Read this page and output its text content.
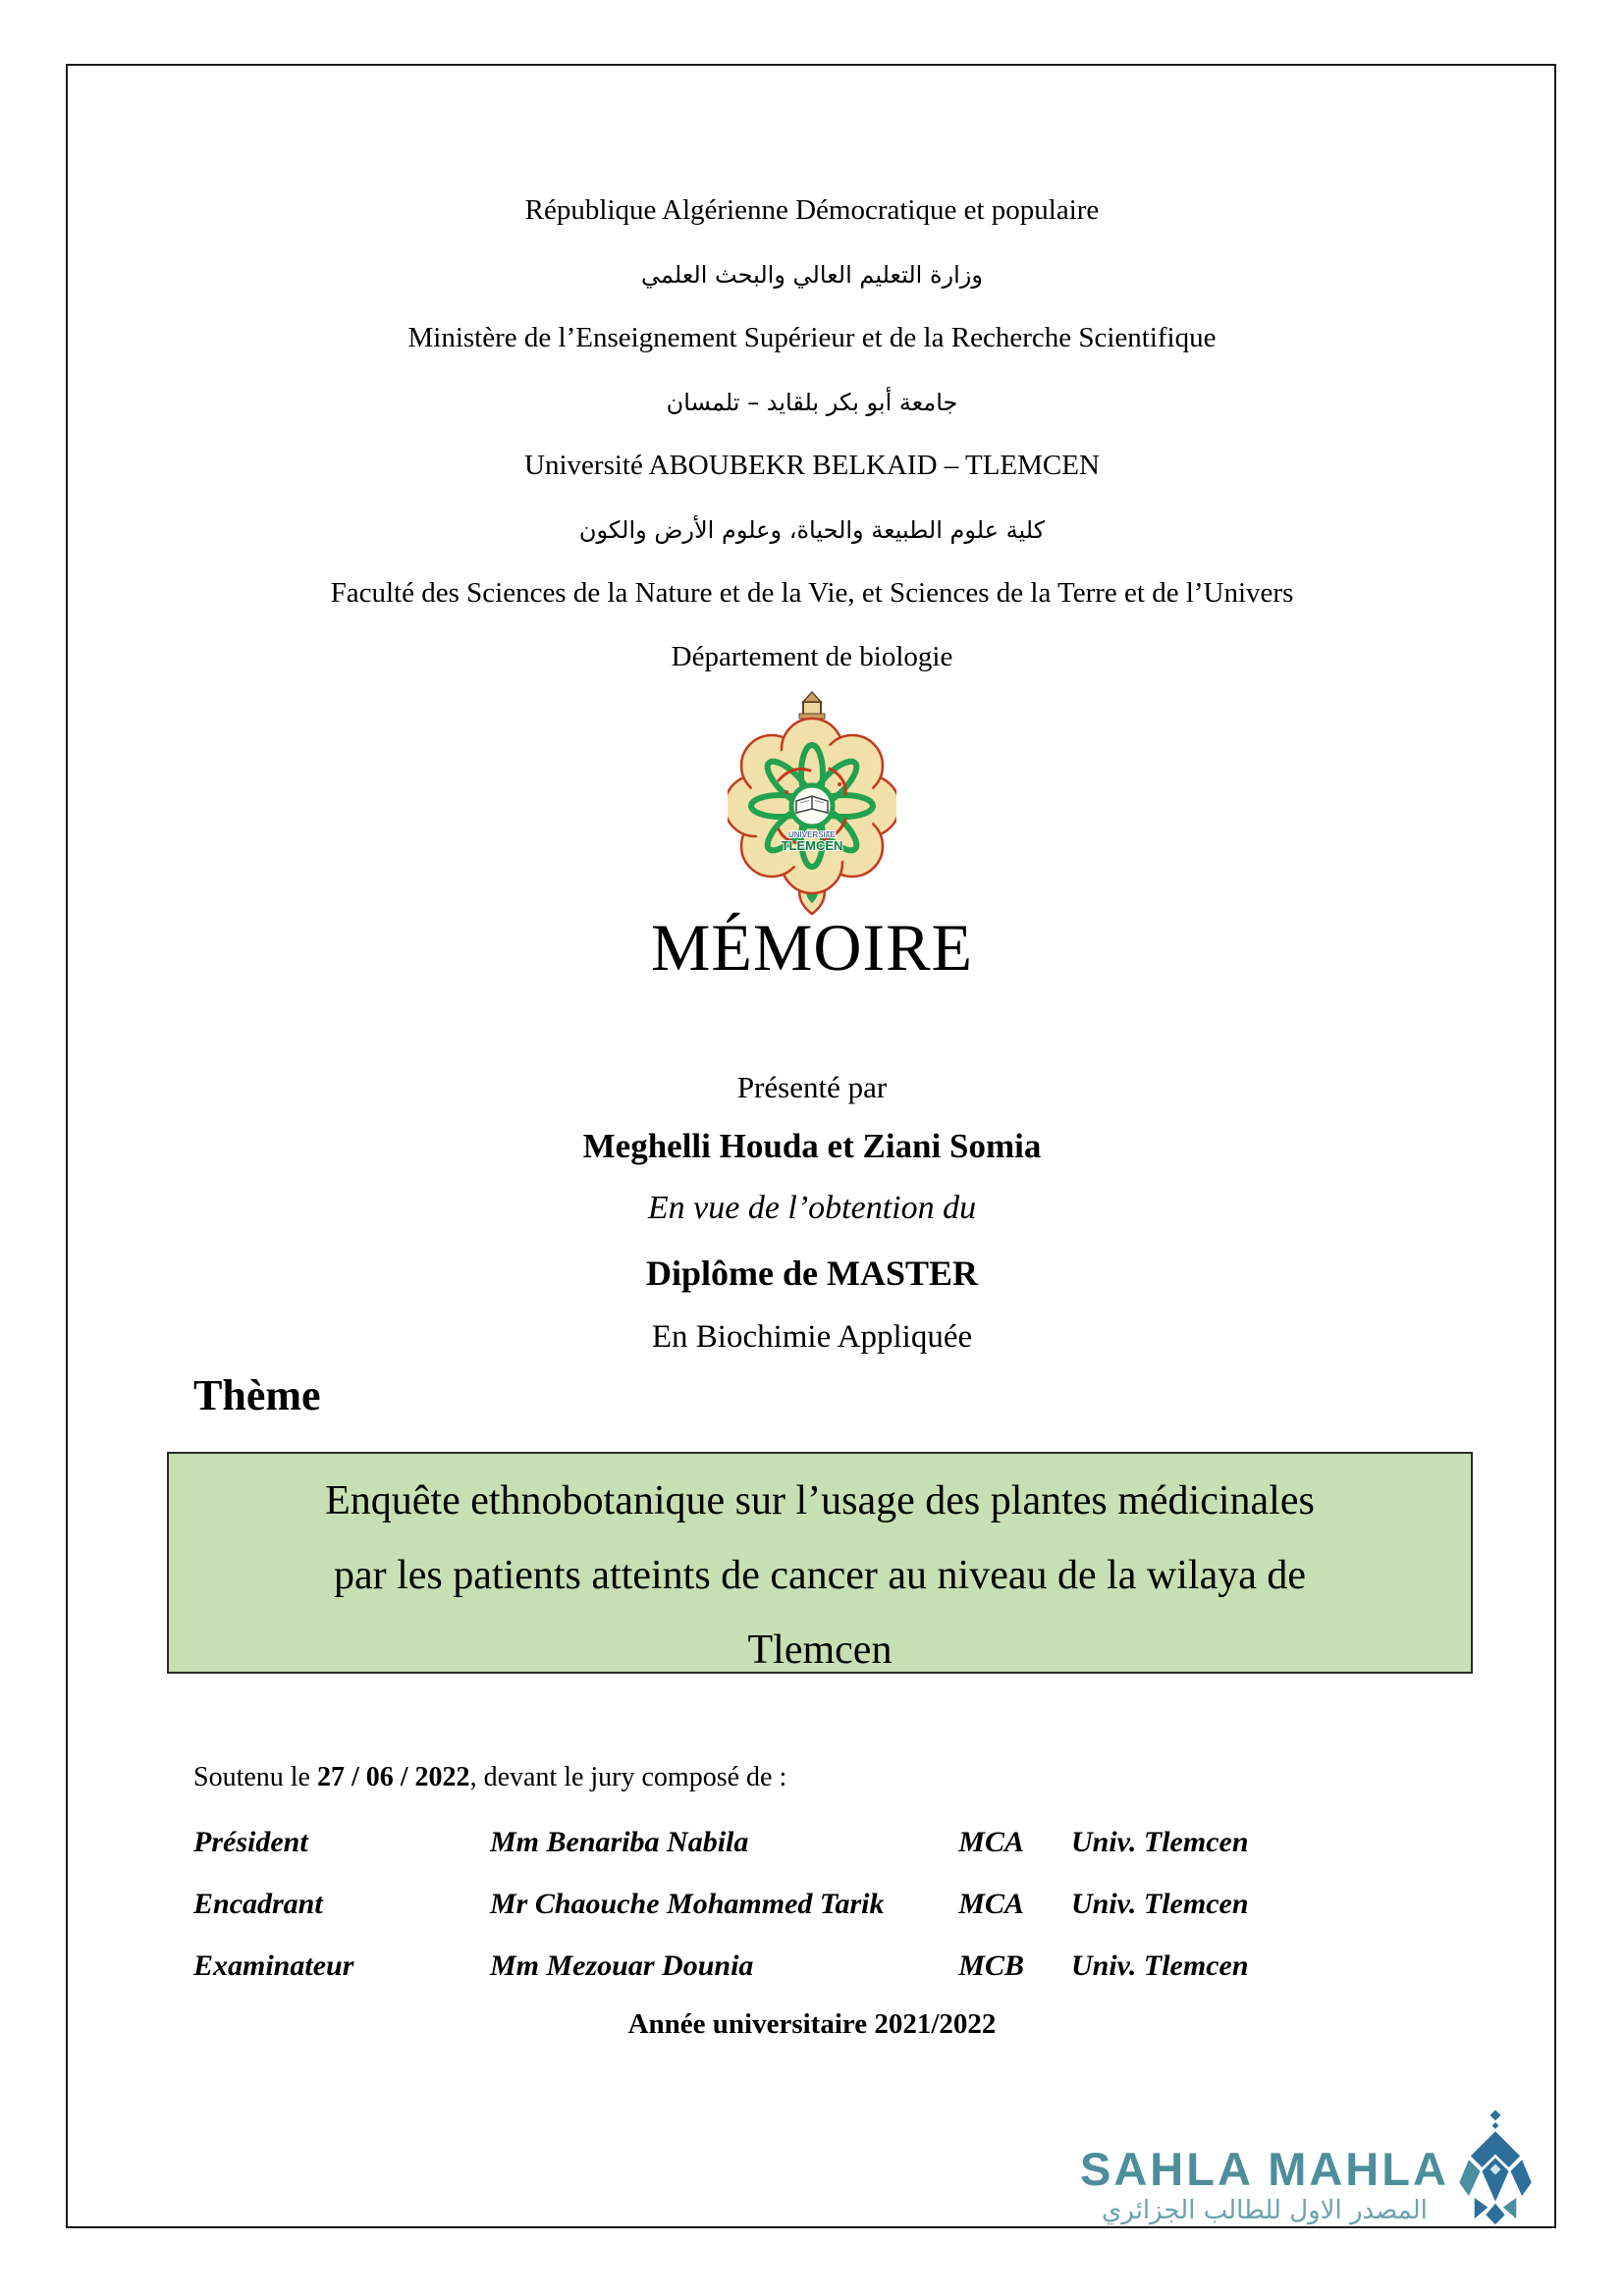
République Algérienne Démocratique et populaire
وزارة التعليم العالي والبحث العلمي
Ministère de l’Enseignement Supérieur et de la Recherche Scientifique
جامعة أبو بكر بلقايد – تلمسان
Université ABOUBEKR BELKAID – TLEMCEN
كلية علوم الطبيعة والحياة، وعلوم الأرض والكون
Faculté des Sciences de la Nature et de la Vie, et Sciences de la Terre et de l’Univers
Département de biologie
UNIVERSITE
TLEMCEN
MÉMOIRE
Présenté par
Meghelli Houda et Ziani Somia
En vue de l’obtention du
Diplôme de MASTER
En Biochimie Appliquée
Thème
Enquête ethnobotanique sur l’usage des plantes médicinales
par les patients atteints de cancer au niveau de la wilaya de
Tlemcen
Soutenu le 27 / 06 / 2022, devant le jury composé de :
Président	Mm Benariba Nabila	MCA	Univ. Tlemcen
Encadrant	Mr Chaouche Mohammed Tarik	MCA	Univ. Tlemcen
Examinateur	Mm Mezouar Dounia	MCB	Univ. Tlemcen
Année universitaire 2021/2022
SAHLA MAHLA
المصدر الاول للطالب الجزائري
